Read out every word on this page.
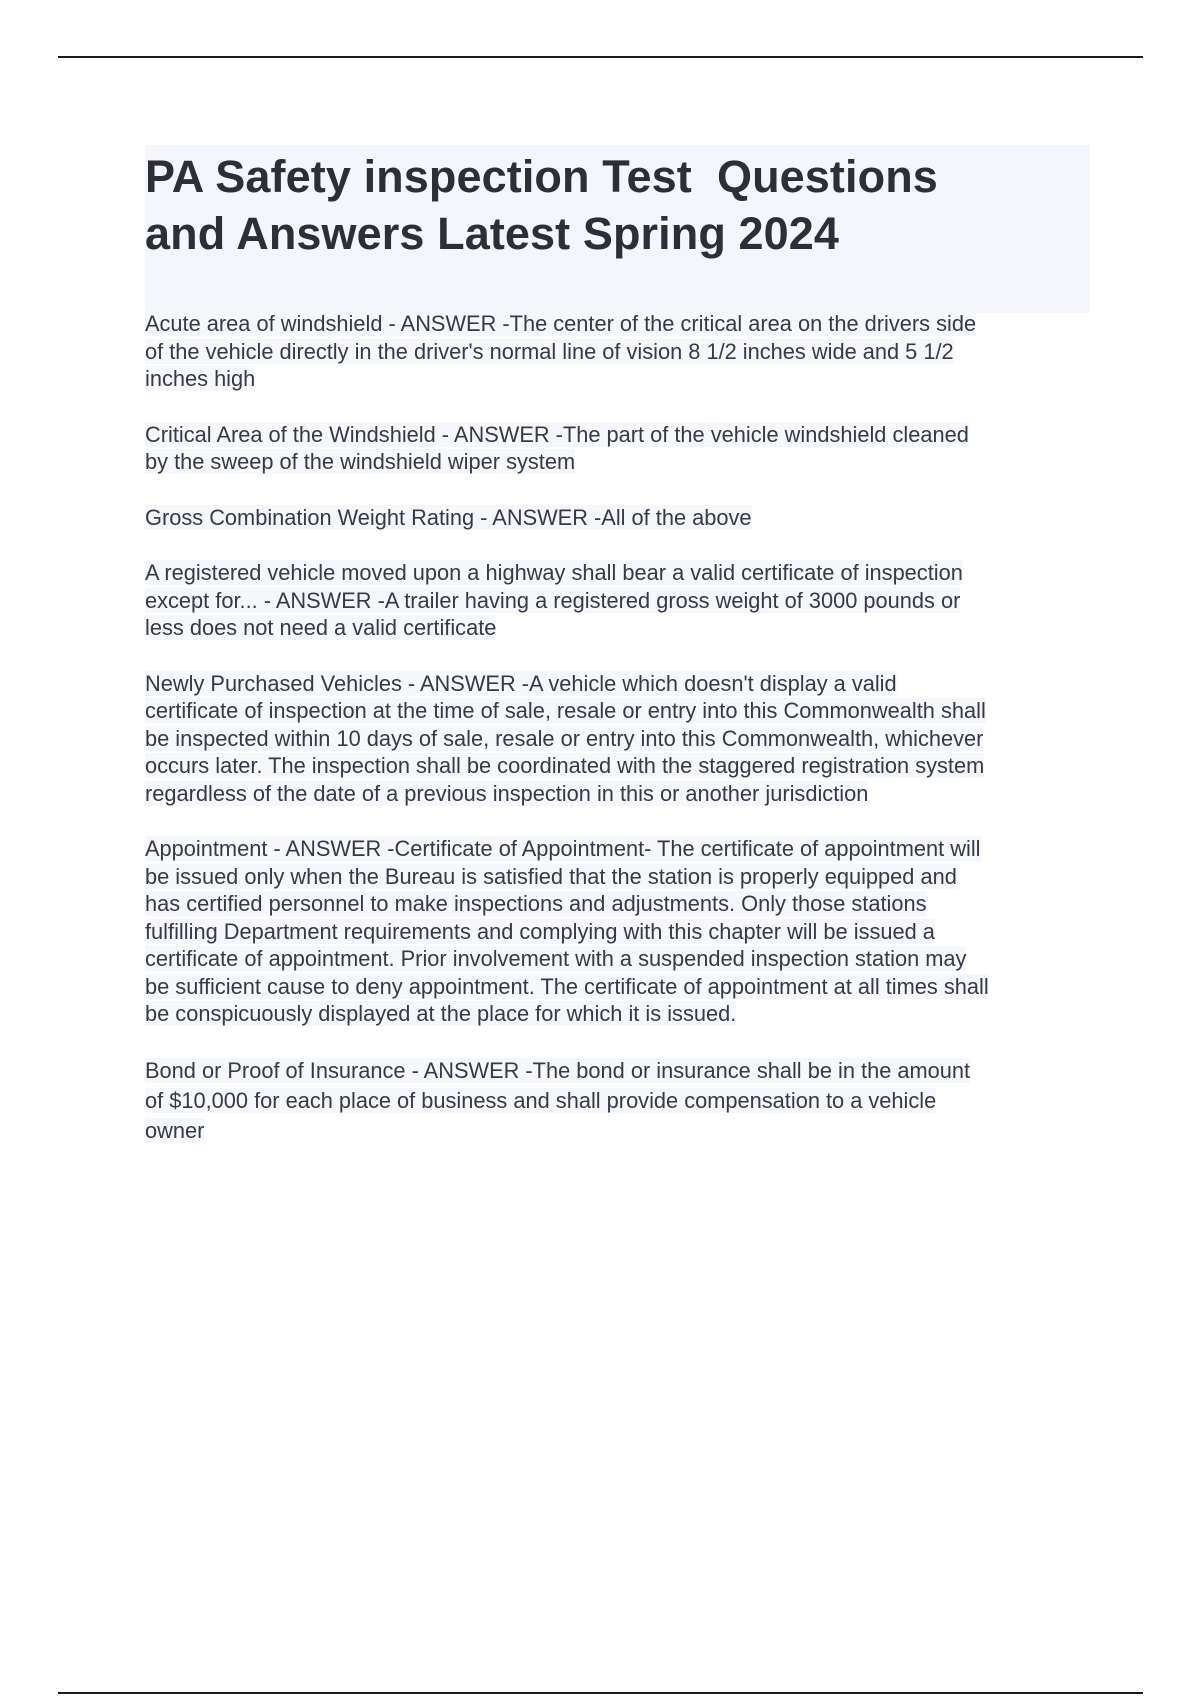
PA Safety inspection Test  Questions
and Answers Latest Spring 2024
Acute area of windshield - ANSWER -The center of the critical area on the drivers side
of the vehicle directly in the driver's normal line of vision 8 1/2 inches wide and 5 1/2
inches high
Critical Area of the Windshield - ANSWER -The part of the vehicle windshield cleaned
by the sweep of the windshield wiper system
Gross Combination Weight Rating - ANSWER -All of the above
A registered vehicle moved upon a highway shall bear a valid certificate of inspection
except for... - ANSWER -A trailer having a registered gross weight of 3000 pounds or
less does not need a valid certificate
Newly Purchased Vehicles - ANSWER -A vehicle which doesn't display a valid
certificate of inspection at the time of sale, resale or entry into this Commonwealth shall
be inspected within 10 days of sale, resale or entry into this Commonwealth, whichever
occurs later. The inspection shall be coordinated with the staggered registration system
regardless of the date of a previous inspection in this or another jurisdiction
Appointment - ANSWER -Certificate of Appointment- The certificate of appointment will
be issued only when the Bureau is satisfied that the station is properly equipped and
has certified personnel to make inspections and adjustments. Only those stations
fulfilling Department requirements and complying with this chapter will be issued a
certificate of appointment. Prior involvement with a suspended inspection station may
be sufficient cause to deny appointment. The certificate of appointment at all times shall
be conspicuously displayed at the place for which it is issued.
Bond or Proof of Insurance - ANSWER -The bond or insurance shall be in the amount
of $10,000 for each place of business and shall provide compensation to a vehicle
owner
